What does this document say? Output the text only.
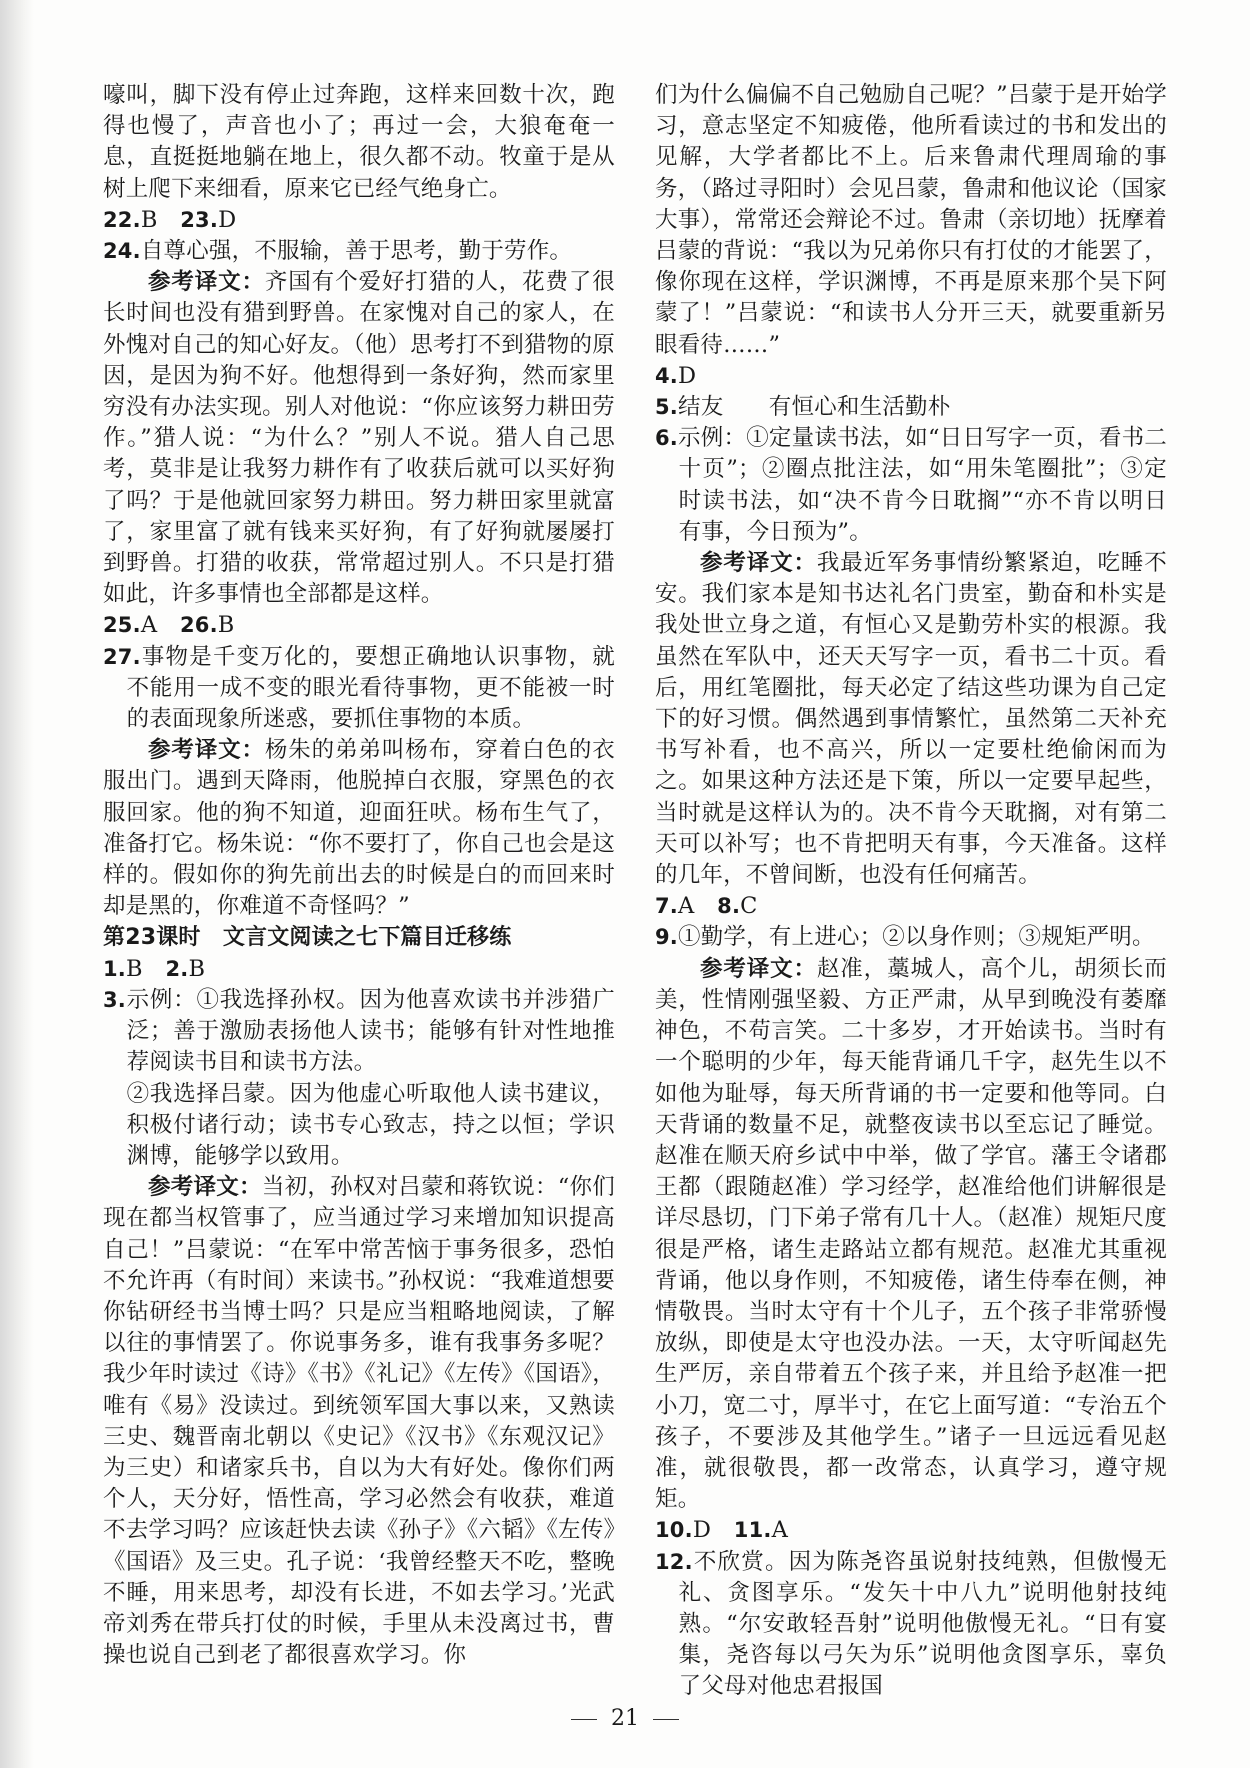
嚎叫，脚下没有停止过奔跑，这样来回数十次，跑得也慢了，声音也小了；再过一会，大狼奄奄一息，直挺挺地躺在地上，很久都不动。牧童于是从树上爬下来细看，原来它已经气绝身亡。

22.B　23.D

24.自尊心强，不服输，善于思考，勤于劳作。

参考译文：齐国有个爱好打猎的人，花费了很长时间也没有猎到野兽。在家愧对自己的家人，在外愧对自己的知心好友。（他）思考打不到猎物的原因，是因为狗不好。他想得到一条好狗，然而家里穷没有办法实现。别人对他说：“你应该努力耕田劳作。”猎人说：“为什么？”别人不说。猎人自己思考，莫非是让我努力耕作有了收获后就可以买好狗了吗？于是他就回家努力耕田。努力耕田家里就富了，家里富了就有钱来买好狗，有了好狗就屡屡打到野兽。打猎的收获，常常超过别人。不只是打猎如此，许多事情也全部都是这样。

25.A　26.B

27.事物是千变万化的，要想正确地认识事物，就不能用一成不变的眼光看待事物，更不能被一时的表面现象所迷惑，要抓住事物的本质。

参考译文：杨朱的弟弟叫杨布，穿着白色的衣服出门。遇到天降雨，他脱掉白衣服，穿黑色的衣服回家。他的狗不知道，迎面狂吠。杨布生气了，准备打它。杨朱说：“你不要打了，你自己也会是这样的。假如你的狗先前出去的时候是白的而回来时却是黑的，你难道不奇怪吗？”

第23课时　文言文阅读之七下篇目迁移练

1.B　2.B

3.示例：①我选择孙权。因为他喜欢读书并涉猎广泛；善于激励表扬他人读书；能够有针对性地推荐阅读书目和读书方法。

②我选择吕蒙。因为他虚心听取他人读书建议，积极付诸行动；读书专心致志，持之以恒；学识渊博，能够学以致用。

参考译文：当初，孙权对吕蒙和蒋钦说：“你们现在都当权管事了，应当通过学习来增加知识提高自己！”吕蒙说：“在军中常苦恼于事务很多，恐怕不允许再（有时间）来读书。”孙权说：“我难道想要你钻研经书当博士吗？只是应当粗略地阅读，了解以往的事情罢了。你说事务多，谁有我事务多呢？我少年时读过《诗》《书》《礼记》《左传》《国语》，唯有《易》没读过。到统领军国大事以来，又熟读三史、魏晋南北朝以《史记》《汉书》《东观汉记》为三史）和诸家兵书，自以为大有好处。像你们两个人，天分好，悟性高，学习必然会有收获，难道不去学习吗？应该赶快去读《孙子》《六韬》《左传》《国语》及三史。孔子说：‘我曾经整天不吃，整晚不睡，用来思考，却没有长进，不如去学习。’光武帝刘秀在带兵打仗的时候，手里从未没离过书，曹操也说自己到老了都很喜欢学习。你

们为什么偏偏不自己勉励自己呢？”吕蒙于是开始学习，意志坚定不知疲倦，他所看读过的书和发出的见解，大学者都比不上。后来鲁肃代理周瑜的事务，（路过寻阳时）会见吕蒙，鲁肃和他议论（国家大事），常常还会辩论不过。鲁肃（亲切地）抚摩着吕蒙的背说：“我以为兄弟你只有打仗的才能罢了，像你现在这样，学识渊博，不再是原来那个吴下阿蒙了！”吕蒙说：“和读书人分开三天，就要重新另眼看待……”

4.D

5.结友　　有恒心和生活勤朴

6.示例：①定量读书法，如“日日写字一页，看书二十页”；②圈点批注法，如“用朱笔圈批”；③定时读书法，如“决不肯今日耽搁”“亦不肯以明日有事，今日预为”。

参考译文：我最近军务事情纷繁紧迫，吃睡不安。我们家本是知书达礼名门贵室，勤奋和朴实是我处世立身之道，有恒心又是勤劳朴实的根源。我虽然在军队中，还天天写字一页，看书二十页。看后，用红笔圈批，每天必定了结这些功课为自己定下的好习惯。偶然遇到事情繁忙，虽然第二天补充书写补看，也不高兴，所以一定要杜绝偷闲而为之。如果这种方法还是下策，所以一定要早起些，当时就是这样认为的。决不肯今天耽搁，对有第二天可以补写；也不肯把明天有事，今天准备。这样的几年，不曾间断，也没有任何痛苦。

7.A　8.C

9.①勤学，有上进心；②以身作则；③规矩严明。

参考译文：赵准，藁城人，高个儿，胡须长而美，性情刚强坚毅、方正严肃，从早到晚没有萎靡神色，不苟言笑。二十多岁，才开始读书。当时有一个聪明的少年，每天能背诵几千字，赵先生以不如他为耻辱，每天所背诵的书一定要和他等同。白天背诵的数量不足，就整夜读书以至忘记了睡觉。赵准在顺天府乡试中中举，做了学官。藩王令诸郡王都（跟随赵准）学习经学，赵准给他们讲解很是详尽恳切，门下弟子常有几十人。（赵准）规矩尺度很是严格，诸生走路站立都有规范。赵准尤其重视背诵，他以身作则，不知疲倦，诸生侍奉在侧，神情敬畏。当时太守有十个儿子，五个孩子非常骄慢放纵，即使是太守也没办法。一天，太守听闻赵先生严厉，亲自带着五个孩子来，并且给予赵准一把小刀，宽二寸，厚半寸，在它上面写道：“专治五个孩子，不要涉及其他学生。”诸子一旦远远看见赵准，就很敬畏，都一改常态，认真学习，遵守规矩。

10.D　11.A

12.不欣赏。因为陈尧咨虽说射技纯熟，但傲慢无礼、贪图享乐。“发矢十中八九”说明他射技纯熟。“尔安敢轻吾射”说明他傲慢无礼。“日有宴集，尧咨每以弓矢为乐”说明他贪图享乐，辜负了父母对他忠君报国

21
